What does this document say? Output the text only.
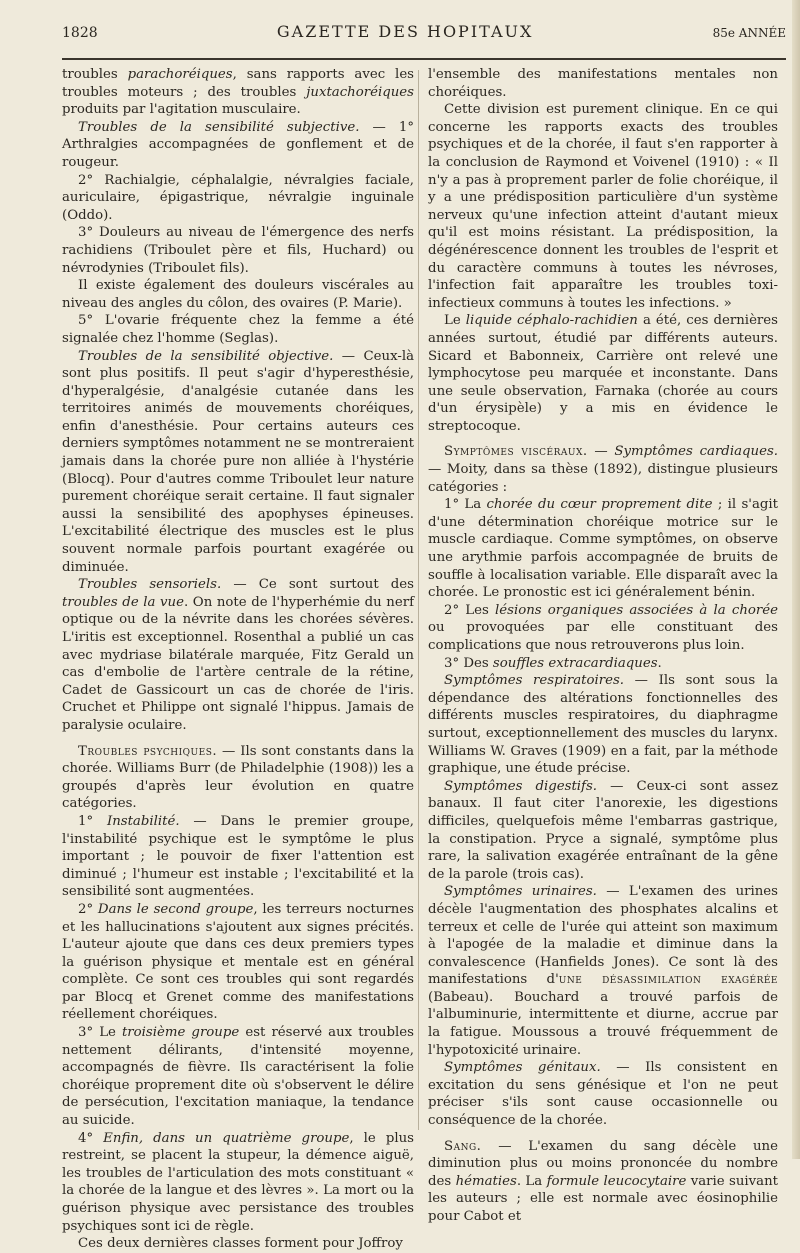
1828	GAZETTE DES HOPITAUX	85e ANNÉE

troubles parachoréiques, sans rapports avec les troubles moteurs ; des troubles juxtachoréiques produits par l'agitation musculaire.

Troubles de la sensibilité subjective. — 1° Arthralgies accompagnées de gonflement et de rougeur.

2° Rachialgie, céphalalgie, névralgies faciale, auriculaire, épigastrique, névralgie inguinale (Oddo).

3° Douleurs au niveau de l'émergence des nerfs rachidiens (Triboulet père et fils, Huchard) ou névrodynies (Triboulet fils).

Il existe également des douleurs viscérales au niveau des angles du côlon, des ovaires (P. Marie).

5° L'ovarie fréquente chez la femme a été signalée chez l'homme (Seglas).

Troubles de la sensibilité objective. — Ceux-là sont plus positifs. Il peut s'agir d'hyperesthésie, d'hyperalgésie, d'analgésie cutanée dans les territoires animés de mouvements choréiques, enfin d'anesthésie. Pour certains auteurs ces derniers symptômes notamment ne se montreraient jamais dans la chorée pure non alliée à l'hystérie (Blocq). Pour d'autres comme Triboulet leur nature purement choréique serait certaine. Il faut signaler aussi la sensibilité des apophyses épineuses. L'excitabilité électrique des muscles est le plus souvent normale parfois pourtant exagérée ou diminuée.

Troubles sensoriels. — Ce sont surtout des troubles de la vue. On note de l'hyperhémie du nerf optique ou de la névrite dans les chorées sévères. L'iritis est exceptionnel. Rosenthal a publié un cas avec mydriase bilatérale marquée, Fitz Gerald un cas d'embolie de l'artère centrale de la rétine, Cadet de Gassicourt un cas de chorée de l'iris. Cruchet et Philippe ont signalé l'hippus. Jamais de paralysie oculaire.

Troubles psychiques. — Ils sont constants dans la chorée. Williams Burr (de Philadelphie (1908)) les a groupés d'après leur évolution en quatre catégories.

1° Instabilité. — Dans le premier groupe, l'instabilité psychique est le symptôme le plus important ; le pouvoir de fixer l'attention est diminué ; l'humeur est instable ; l'excitabilité et la sensibilité sont augmentées.

2° Dans le second groupe, les terreurs nocturnes et les hallucinations s'ajoutent aux signes précités. L'auteur ajoute que dans ces deux premiers types la guérison physique et mentale est en général complète. Ce sont ces troubles qui sont regardés par Blocq et Grenet comme des manifestations réellement choréiques.

3° Le troisième groupe est réservé aux troubles nettement délirants, d'intensité moyenne, accompagnés de fièvre. Ils caractérisent la folie choréique proprement dite où s'observent le délire de persécution, l'excitation maniaque, la tendance au suicide.

4° Enfin, dans un quatrième groupe, le plus restreint, se placent la stupeur, la démence aiguë, les troubles de l'articulation des mots constituant « la chorée de la langue et des lèvres ». La mort ou la guérison physique avec persistance des troubles psychiques sont ici de règle.

Ces deux dernières classes forment pour Joffroy

l'ensemble des manifestations mentales non choréiques.

Cette division est purement clinique. En ce qui concerne les rapports exacts des troubles psychiques et de la chorée, il faut s'en rapporter à la conclusion de Raymond et Voivenel (1910) : « Il n'y a pas à proprement parler de folie choréique, il y a une prédisposition particulière d'un système nerveux qu'une infection atteint d'autant mieux qu'il est moins résistant. La prédisposition, la dégénérescence donnent les troubles de l'esprit et du caractère communs à toutes les névroses, l'infection fait apparaître les troubles toxi-infectieux communs à toutes les infections. »

Le liquide céphalo-rachidien a été, ces dernières années surtout, étudié par différents auteurs. Sicard et Babonneix, Carrière ont relevé une lymphocytose peu marquée et inconstante. Dans une seule observation, Farnaka (chorée au cours d'un érysipèle) y a mis en évidence le streptocoque.

Symptômes viscéraux. — Symptômes cardiaques. — Moity, dans sa thèse (1892), distingue plusieurs catégories :

1° La chorée du cœur proprement dite ; il s'agit d'une détermination choréique motrice sur le muscle cardiaque. Comme symptômes, on observe une arythmie parfois accompagnée de bruits de souffle à localisation variable. Elle disparaît avec la chorée. Le pronostic est ici généralement bénin.

2° Les lésions organiques associées à la chorée ou provoquées par elle constituant des complications que nous retrouverons plus loin.

3° Des souffles extracardiaques.

Symptômes respiratoires. — Ils sont sous la dépendance des altérations fonctionnelles des différents muscles respiratoires, du diaphragme surtout, exceptionnellement des muscles du larynx. Williams W. Graves (1909) en a fait, par la méthode graphique, une étude précise.

Symptômes digestifs. — Ceux-ci sont assez banaux. Il faut citer l'anorexie, les digestions difficiles, quelquefois même l'embarras gastrique, la constipation. Pryce a signalé, symptôme plus rare, la salivation exagérée entraînant de la gêne de la parole (trois cas).

Symptômes urinaires. — L'examen des urines décèle l'augmentation des phosphates alcalins et terreux et celle de l'urée qui atteint son maximum à l'apogée de la maladie et diminue dans la convalescence (Hanfields Jones). Ce sont là des manifestations d'une désassimilation exagérée (Babeau). Bouchard a trouvé parfois de l'albuminurie, intermittente et diurne, accrue par la fatigue. Moussous a trouvé fréquemment de l'hypotoxicité urinaire.

Symptômes génitaux. — Ils consistent en excitation du sens génésique et l'on ne peut préciser s'ils sont cause occasionnelle ou conséquence de la chorée.

Sang. — L'examen du sang décèle une diminution plus ou moins prononcée du nombre des hématies. La formule leucocytaire varie suivant les auteurs ; elle est normale avec éosinophilie pour Cabot et
